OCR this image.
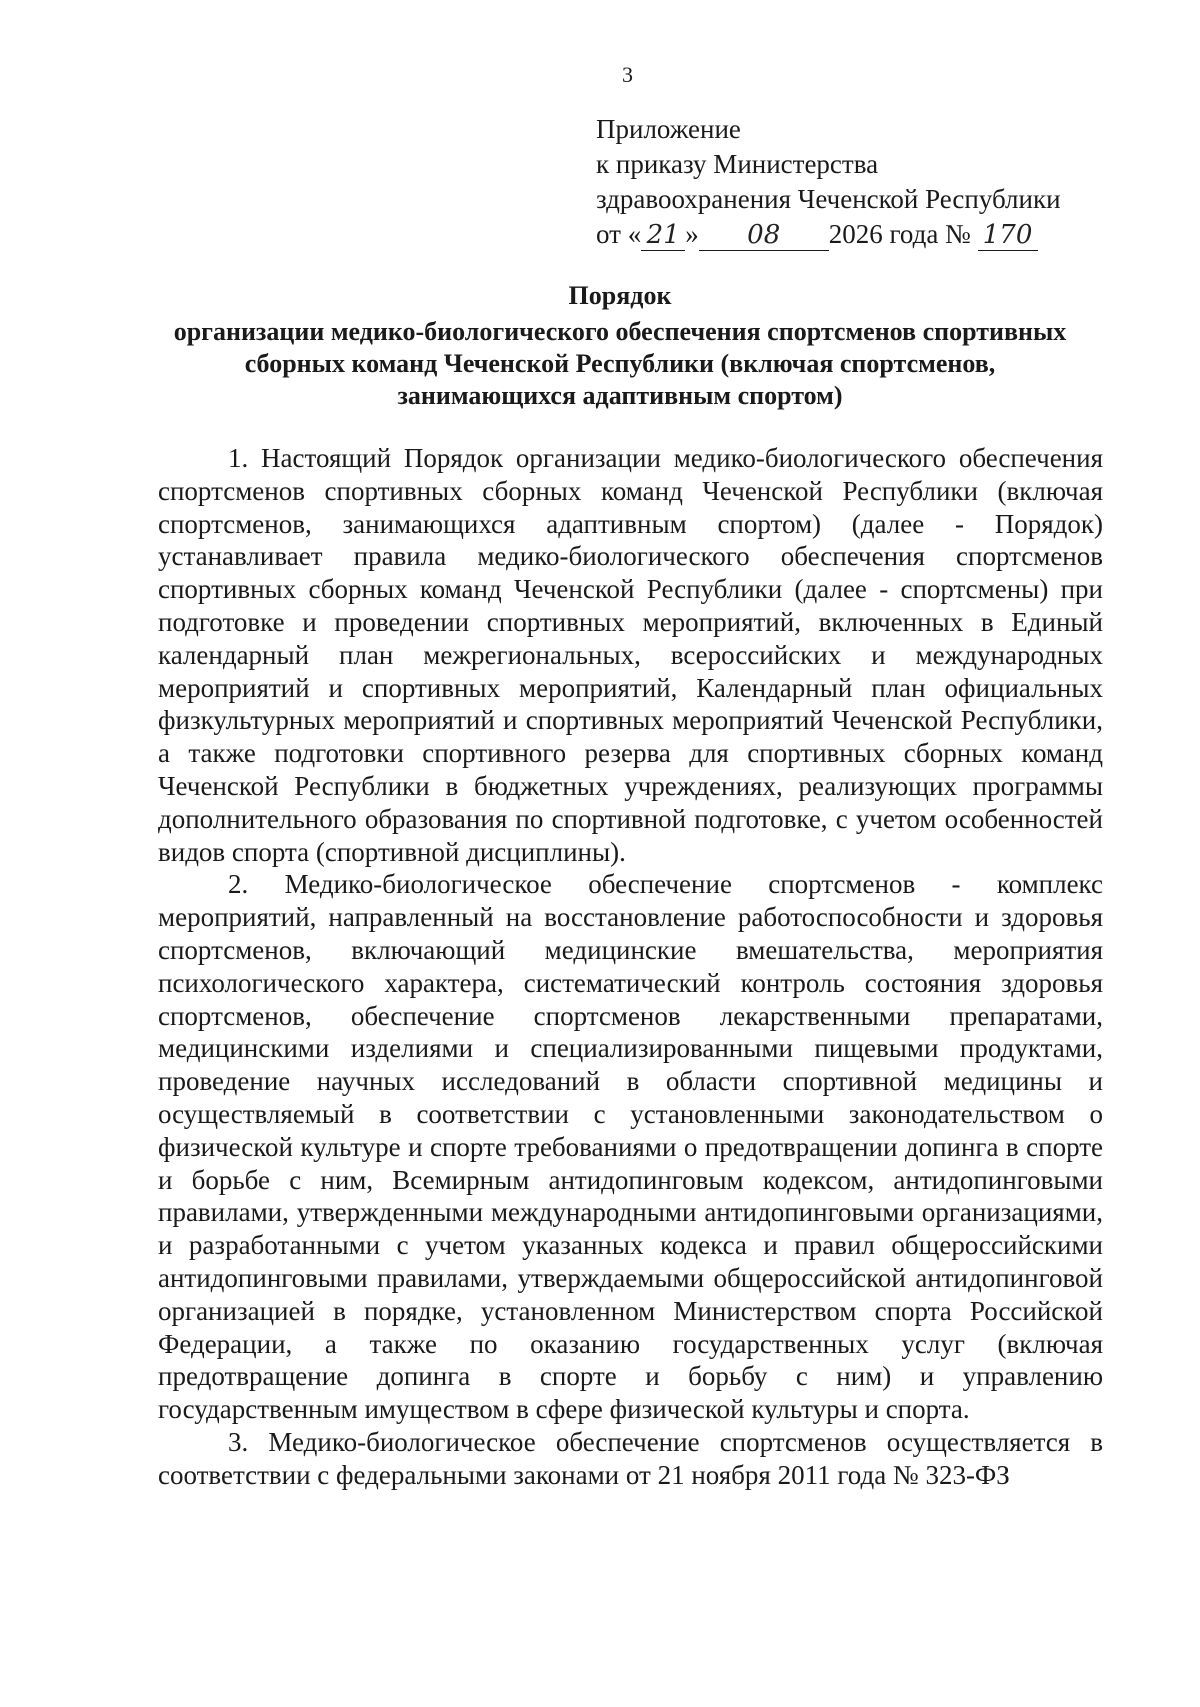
3
Приложение
к приказу Министерства
здравоохранения Чеченской Республики
от « 21 » 08 2026 года № 170
Порядок
организации медико-биологического обеспечения спортсменов спортивных сборных команд Чеченской Республики (включая спортсменов, занимающихся адаптивным спортом)

1. Настоящий Порядок организации медико-биологического обеспечения спортсменов спортивных сборных команд Чеченской Республики (включая спортсменов, занимающихся адаптивным спортом) (далее - Порядок) устанавливает правила медико-биологического обеспечения спортсменов спортивных сборных команд Чеченской Республики (далее - спортсмены) при подготовке и проведении спортивных мероприятий, включенных в Единый календарный план межрегиональных, всероссийских и международных мероприятий и спортивных мероприятий, Календарный план официальных физкультурных мероприятий и спортивных мероприятий Чеченской Республики, а также подготовки спортивного резерва для спортивных сборных команд Чеченской Республики в бюджетных учреждениях, реализующих программы дополнительного образования по спортивной подготовке, с учетом особенностей видов спорта (спортивной дисциплины).

2. Медико-биологическое обеспечение спортсменов - комплекс мероприятий, направленный на восстановление работоспособности и здоровья спортсменов, включающий медицинские вмешательства, мероприятия психологического характера, систематический контроль состояния здоровья спортсменов, обеспечение спортсменов лекарственными препаратами, медицинскими изделиями и специализированными пищевыми продуктами, проведение научных исследований в области спортивной медицины и осуществляемый в соответствии с установленными законодательством о физической культуре и спорте требованиями о предотвращении допинга в спорте и борьбе с ним, Всемирным антидопинговым кодексом, антидопинговыми правилами, утвержденными международными антидопинговыми организациями, и разработанными с учетом указанных кодекса и правил общероссийскими антидопинговыми правилами, утверждаемыми общероссийской антидопинговой организацией в порядке, установленном Министерством спорта Российской Федерации, а также по оказанию государственных услуг (включая предотвращение допинга в спорте и борьбу с ним) и управлению государственным имуществом в сфере физической культуры и спорта.

3. Медико-биологическое обеспечение спортсменов осуществляется в соответствии с федеральными законами от 21 ноября 2011 года № 323-ФЗ
